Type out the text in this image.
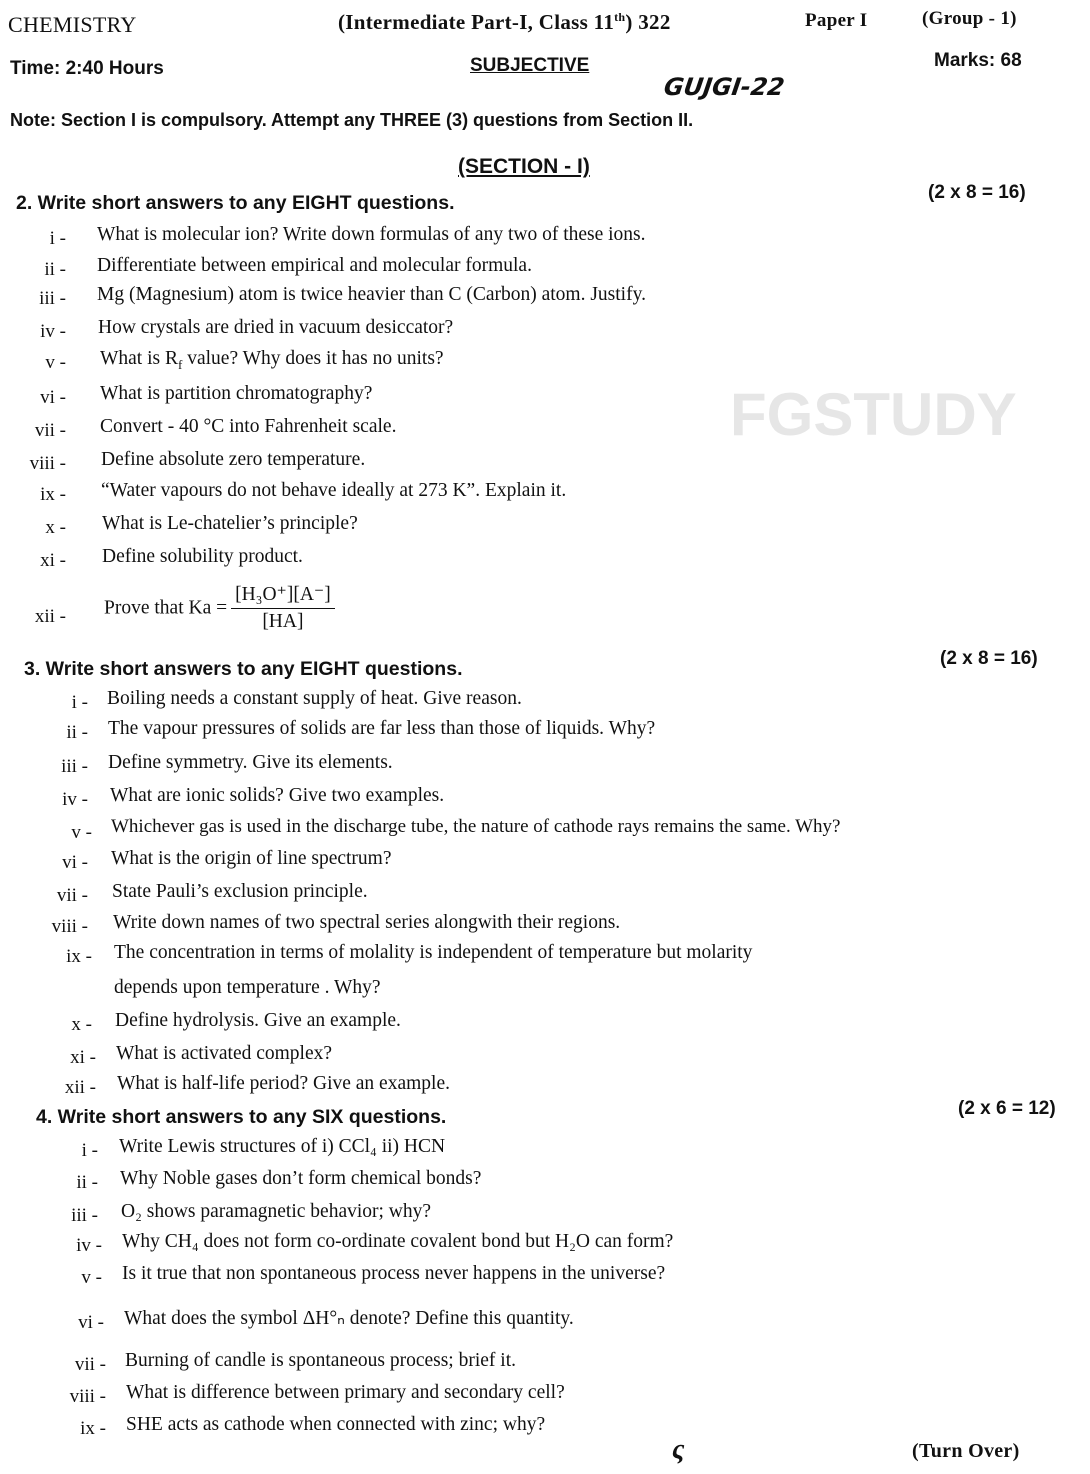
FGSTUDY
CHEMISTRY	(Intermediate Part-I, Class 11th) 322	Paper I	(Group - 1)
Time: 2:40 Hours	SUBJECTIVE	Marks: 68
GUJGI-22
Note: Section I is compulsory. Attempt any THREE (3) questions from Section II.
(SECTION - I)
2. Write short answers to any EIGHT questions.	(2 x 8 = 16)
i - What is molecular ion? Write down formulas of any two of these ions.
ii - Differentiate between empirical and molecular formula.
iii - Mg (Magnesium) atom is twice heavier than C (Carbon) atom. Justify.
iv - How crystals are dried in vacuum desiccator?
v - What is $R_f$ value? Why does it has no units?
vi - What is partition chromatography?
vii - Convert - 40 °C into Fahrenheit scale.
viii - Define absolute zero temperature.
ix - “Water vapours do not behave ideally at 273 K”. Explain it.
x - What is Le-chatelier’s principle?
xi - Define solubility product.
xii - Prove that $Ka = \frac{\text{[H₃O⁺][A⁻]}}{[HA]}$
3. Write short answers to any EIGHT questions.	(2 x 8 = 16)
i - Boiling needs a constant supply of heat. Give reason.
ii - The vapour pressures of solids are far less than those of liquids. Why?
iii - Define symmetry. Give its elements.
iv - What are ionic solids? Give two examples.
v - Whichever gas is used in the discharge tube, the nature of cathode rays remains the same. Why?
vi - What is the origin of line spectrum?
vii - State Pauli’s exclusion principle.
viii - Write down names of two spectral series alongwith their regions.
ix - The concentration in terms of molality is independent of temperature but molarity
depends upon temperature . Why?
x - Define hydrolysis. Give an example.
xi - What is activated complex?
xii - What is half-life period? Give an example.
4. Write short answers to any SIX questions.	(2 x 6 = 12)
i - Write Lewis structures of i) CCl₄ ii) HCN
ii - Why Noble gases don’t form chemical bonds?
iii - O₂ shows paramagnetic behavior; why?
iv - Why CH₄ does not form co-ordinate covalent bond but H₂O can form?
v - Is it true that non spontaneous process never happens in the universe?
vi - What does the symbol ΔH°ₙ denote? Define this quantity.
vii - Burning of candle is spontaneous process; brief it.
viii - What is difference between primary and secondary cell?
ix - SHE acts as cathode when connected with zinc; why?
ς	(Turn Over)
